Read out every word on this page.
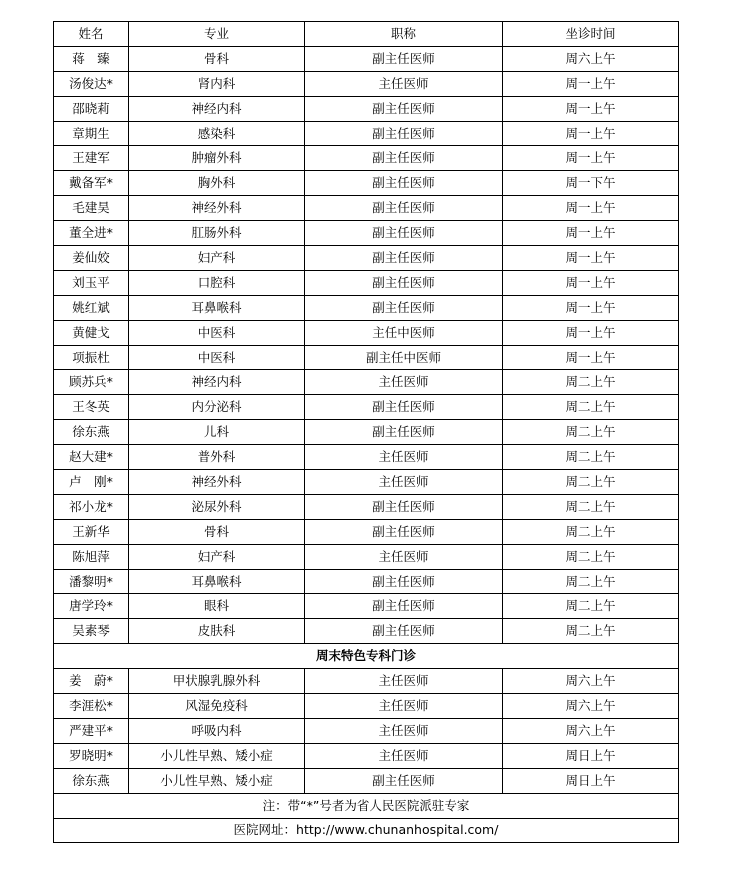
姓名	专业	职称	坐诊时间
蒋　臻	骨科	副主任医师	周六上午
汤俊达*	肾内科	主任医师	周一上午
邵晓莉	神经内科	副主任医师	周一上午
章期生	感染科	副主任医师	周一上午
王建军	肿瘤外科	副主任医师	周一上午
戴备军*	胸外科	副主任医师	周一下午
毛建昊	神经外科	副主任医师	周一上午
董全进*	肛肠外科	副主任医师	周一上午
姜仙姣	妇产科	副主任医师	周一上午
刘玉平	口腔科	副主任医师	周一上午
姚红斌	耳鼻喉科	副主任医师	周一上午
黄健戈	中医科	主任中医师	周一上午
项振杜	中医科	副主任中医师	周一上午
顾苏兵*	神经内科	主任医师	周二上午
王冬英	内分泌科	副主任医师	周二上午
徐东燕	儿科	副主任医师	周二上午
赵大建*	普外科	主任医师	周二上午
卢　刚*	神经外科	主任医师	周二上午
祁小龙*	泌尿外科	副主任医师	周二上午
王新华	骨科	副主任医师	周二上午
陈旭萍	妇产科	主任医师	周二上午
潘黎明*	耳鼻喉科	副主任医师	周二上午
唐学玲*	眼科	副主任医师	周二上午
吴素琴	皮肤科	副主任医师	周二上午
周末特色专科门诊			
姜　蔚*	甲状腺乳腺外科	主任医师	周六上午
李涯松*	风湿免疫科	主任医师	周六上午
严建平*	呼吸内科	主任医师	周六上午
罗晓明*	小儿性早熟、矮小症	主任医师	周日上午
徐东燕	小儿性早熟、矮小症	副主任医师	周日上午
注：带“*”号者为省人民医院派驻专家			
医院网址：http://www.chunanhospital.com/			
